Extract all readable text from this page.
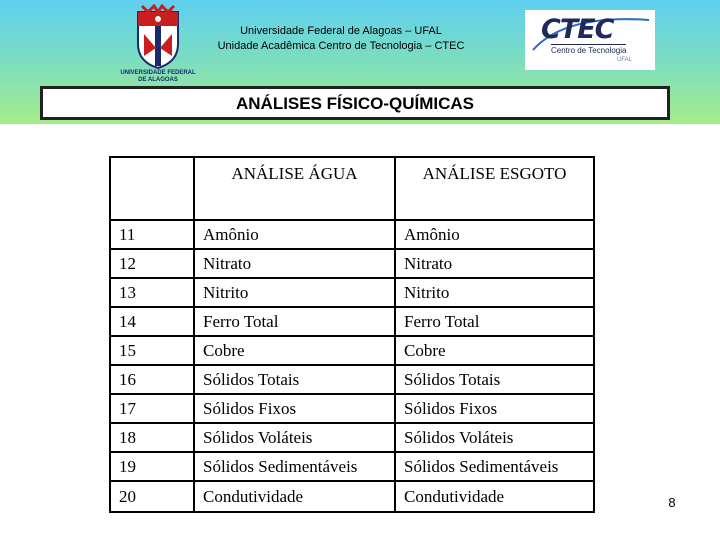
UNIVERSIDADE FEDERAL
DE ALAGOAS
Universidade Federal de Alagoas – UFAL
Unidade Acadêmica Centro de Tecnologia – CTEC
CTEC
Centro de Tecnologia
UFAL
ANÁLISES FÍSICO-QUÍMICAS
	ANÁLISE ÁGUA	ANÁLISE ESGOTO
11	Amônio	Amônio
12	Nitrato	Nitrato
13	Nitrito	Nitrito
14	Ferro Total	Ferro Total
15	Cobre	Cobre
16	Sólidos Totais	Sólidos Totais
17	Sólidos Fixos	Sólidos Fixos
18	Sólidos Voláteis	Sólidos Voláteis
19	Sólidos Sedimentáveis	Sólidos Sedimentáveis
20	Condutividade	Condutividade	8
